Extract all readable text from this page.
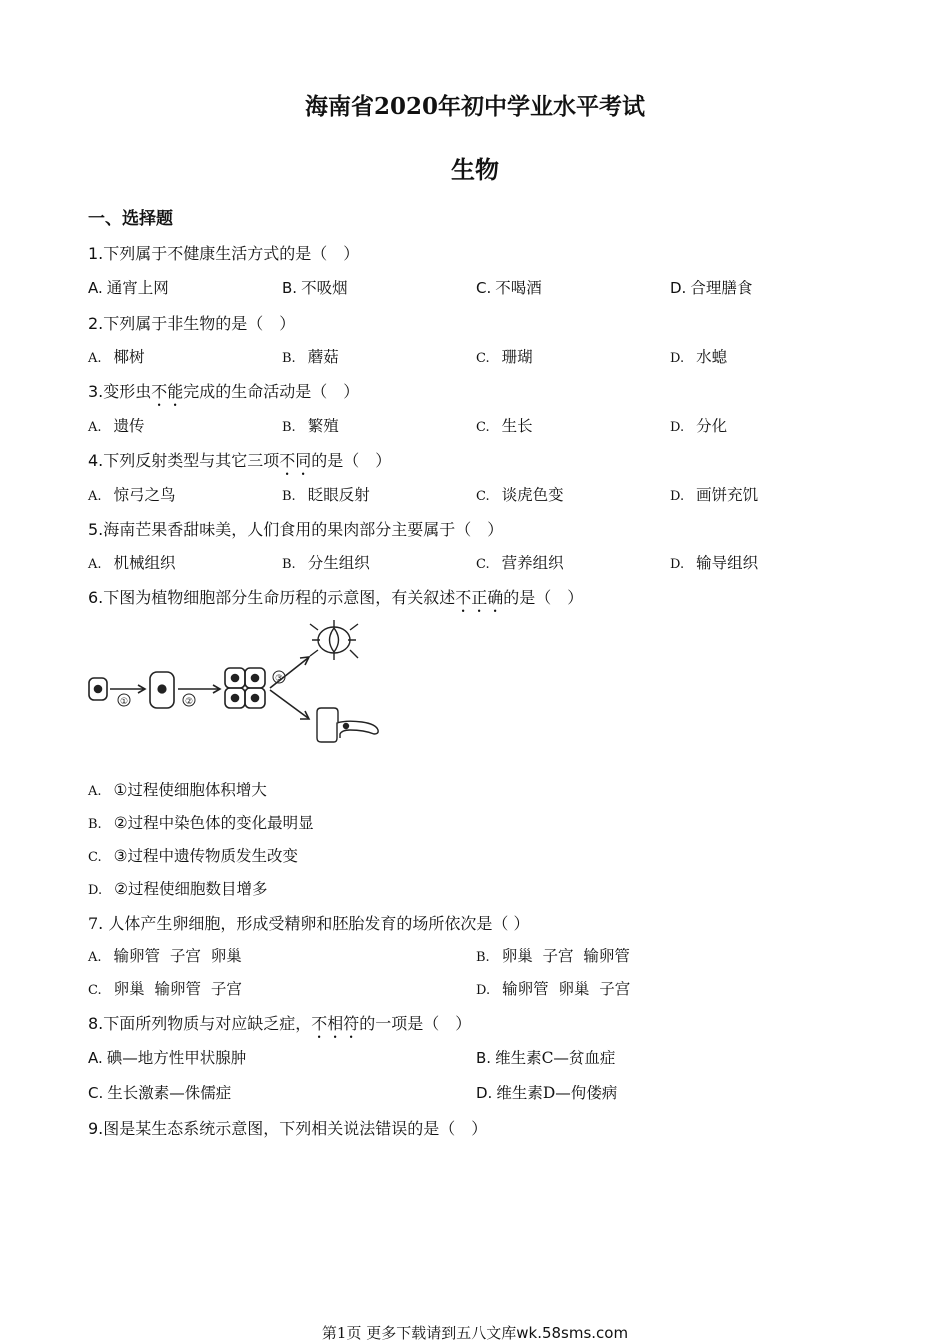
海南省2020年初中学业水平考试
生物
一、选择题
1.下列属于不健康生活方式的是（　）
A. 通宵上网	B. 不吸烟	C. 不喝酒	D. 合理膳食
2.下列属于非生物的是（　）
A. 椰树	B. 蘑菇	C. 珊瑚	D. 水螅
3.变形虫不能完成的生命活动是（　）
A. 遗传	B. 繁殖	C. 生长	D. 分化
4.下列反射类型与其它三项不同的是（　）
A. 惊弓之鸟	B. 眨眼反射	C. 谈虎色变	D. 画饼充饥
5.海南芒果香甜味美，人们食用的果肉部分主要属于（　）
A. 机械组织	B. 分生组织	C. 营养组织	D. 输导组织
6.下图为植物细胞部分生命历程的示意图，有关叙述不正确的是（　）
①	②
③
A. ①过程使细胞体积增大
B. ②过程中染色体的变化最明显
C. ③过程中遗传物质发生改变
D. ②过程使细胞数目增多
7. 人体产生卵细胞，形成受精卵和胚胎发育的场所依次是（ ）
A. 输卵管  子宫  卵巢	B. 卵巢  子宫  输卵管
C. 卵巢  输卵管  子宫	D. 输卵管  卵巢  子宫
8.下面所列物质与对应缺乏症，不相符的一项是（　）
A. 碘—地方性甲状腺肿	B. 维生素C—贫血症
C. 生长激素—侏儒症	D. 维生素D—佝偻病
9.图是某生态系统示意图，下列相关说法错误的是（　）
第1页 更多下载请到五八文库wk.58sms.com
